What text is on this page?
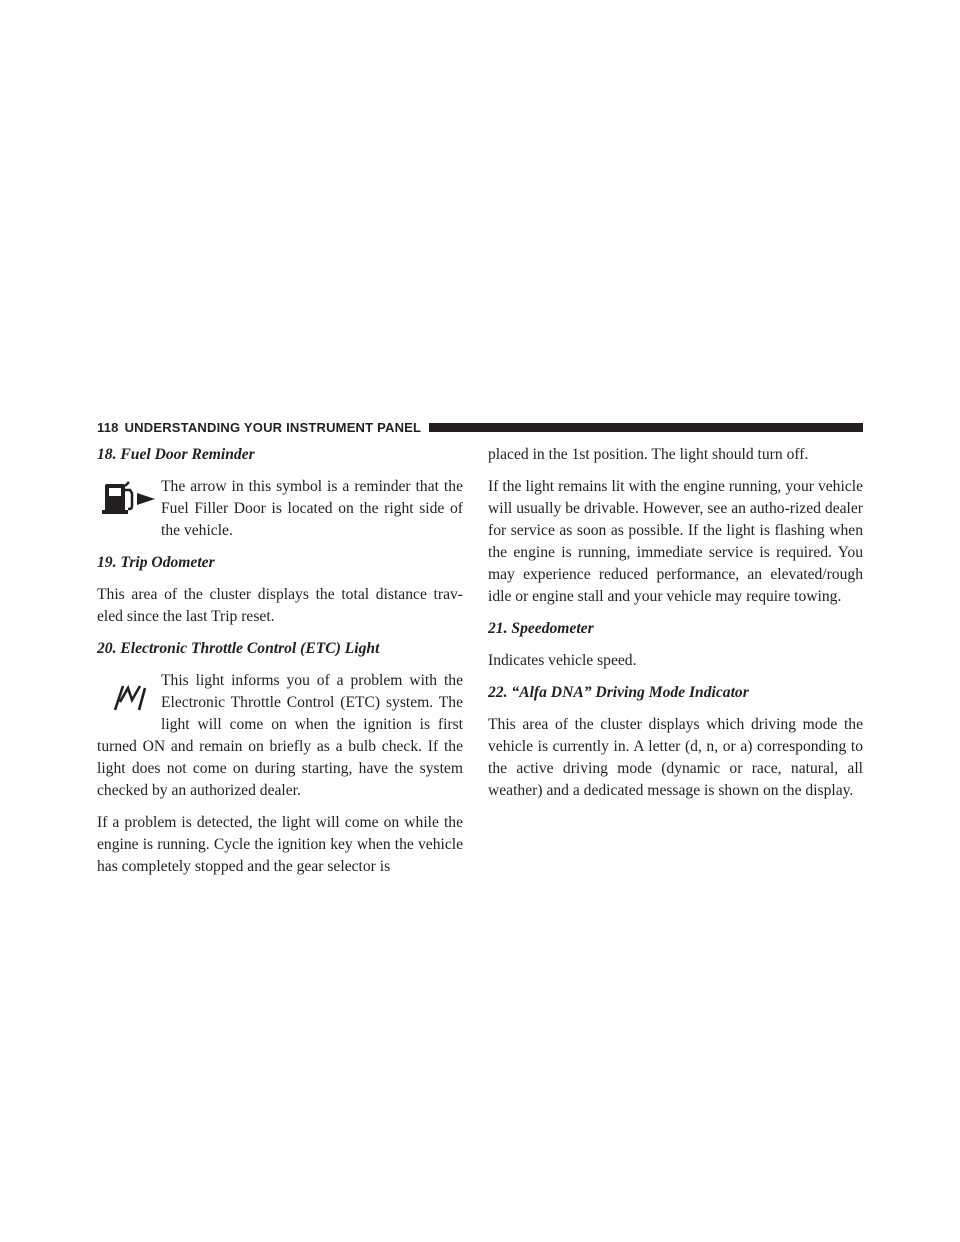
118 UNDERSTANDING YOUR INSTRUMENT PANEL
18. Fuel Door Reminder

The arrow in this symbol is a reminder that the Fuel Filler Door is located on the right side of the vehicle.

19. Trip Odometer

This area of the cluster displays the total distance trav-eled since the last Trip reset.

20. Electronic Throttle Control (ETC) Light

This light informs you of a problem with the Electronic Throttle Control (ETC) system. The light will come on when the ignition is first turned ON and remain on briefly as a bulb check. If the light does not come on during starting, have the system checked by an authorized dealer.

If a problem is detected, the light will come on while the engine is running. Cycle the ignition key when the vehicle has completely stopped and the gear selector is

placed in the 1st position. The light should turn off.

If the light remains lit with the engine running, your vehicle will usually be drivable. However, see an autho-rized dealer for service as soon as possible. If the light is flashing when the engine is running, immediate service is required. You may experience reduced performance, an elevated/rough idle or engine stall and your vehicle may require towing.

21. Speedometer

Indicates vehicle speed.

22. “Alfa DNA” Driving Mode Indicator

This area of the cluster displays which driving mode the vehicle is currently in. A letter (d, n, or a) corresponding to the active driving mode (dynamic or race, natural, all weather) and a dedicated message is shown on the display.
